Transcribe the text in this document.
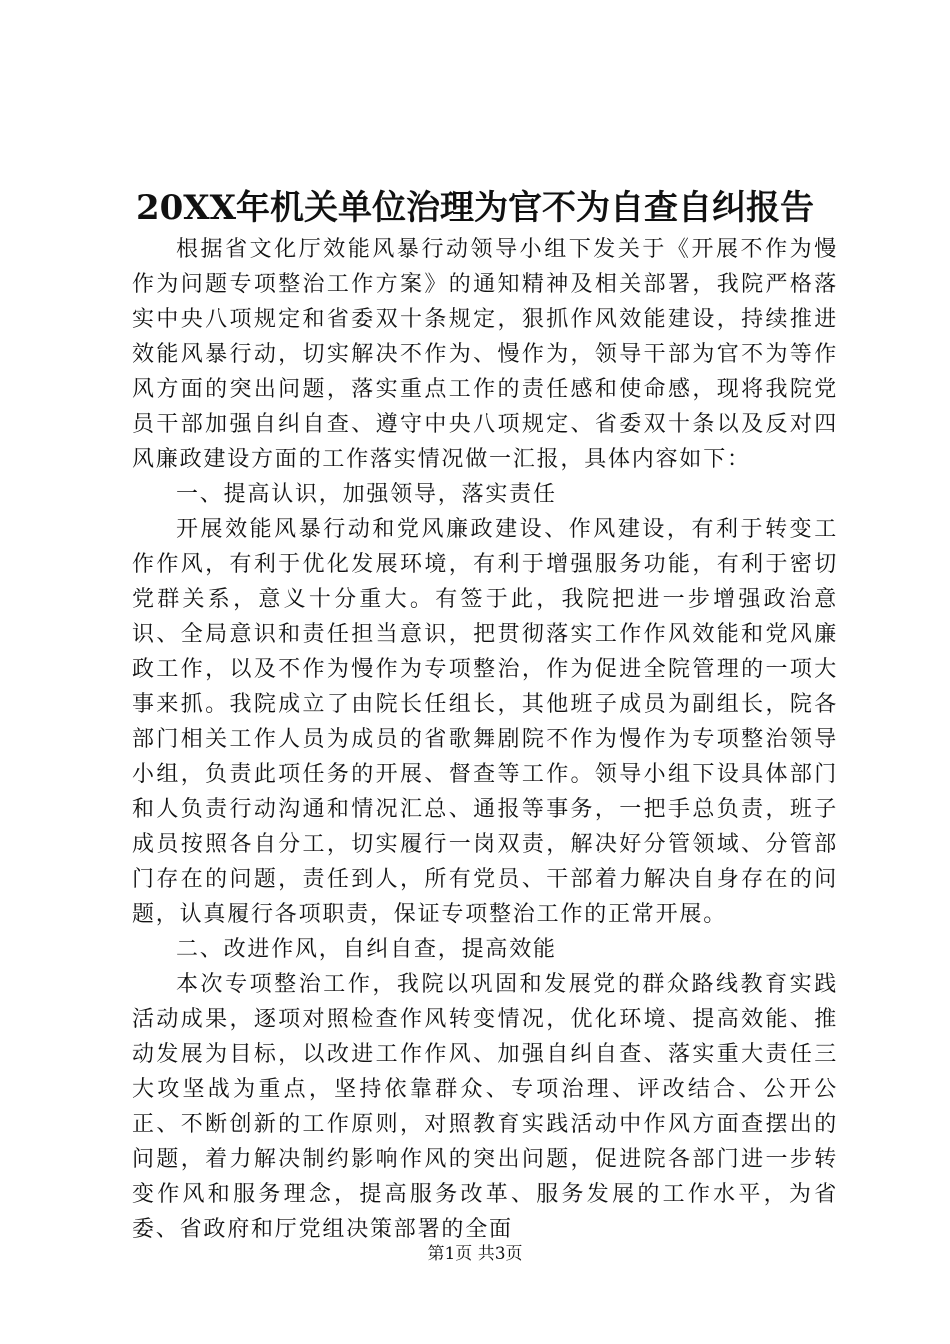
20XX年机关单位治理为官不为自查自纠报告

根据省文化厅效能风暴行动领导小组下发关于《开展不作为慢作为问题专项整治工作方案》的通知精神及相关部署，我院严格落实中央八项规定和省委双十条规定，狠抓作风效能建设，持续推进效能风暴行动，切实解决不作为、慢作为，领导干部为官不为等作风方面的突出问题，落实重点工作的责任感和使命感，现将我院党员干部加强自纠自查、遵守中央八项规定、省委双十条以及反对四风廉政建设方面的工作落实情况做一汇报，具体内容如下：

一、提高认识，加强领导，落实责任

开展效能风暴行动和党风廉政建设、作风建设，有利于转变工作作风，有利于优化发展环境，有利于增强服务功能，有利于密切党群关系，意义十分重大。有签于此，我院把进一步增强政治意识、全局意识和责任担当意识，把贯彻落实工作作风效能和党风廉政工作，以及不作为慢作为专项整治，作为促进全院管理的一项大事来抓。我院成立了由院长任组长，其他班子成员为副组长，院各部门相关工作人员为成员的省歌舞剧院不作为慢作为专项整治领导小组，负责此项任务的开展、督查等工作。领导小组下设具体部门和人负责行动沟通和情况汇总、通报等事务，一把手总负责，班子成员按照各自分工，切实履行一岗双责，解决好分管领域、分管部门存在的问题，责任到人，所有党员、干部着力解决自身存在的问题，认真履行各项职责，保证专项整治工作的正常开展。

二、改进作风，自纠自查，提高效能

本次专项整治工作，我院以巩固和发展党的群众路线教育实践活动成果，逐项对照检查作风转变情况，优化环境、提高效能、推动发展为目标，以改进工作作风、加强自纠自查、落实重大责任三大攻坚战为重点，坚持依靠群众、专项治理、评改结合、公开公正、不断创新的工作原则，对照教育实践活动中作风方面查摆出的问题，着力解决制约影响作风的突出问题，促进院各部门进一步转变作风和服务理念，提高服务改革、服务发展的工作水平，为省委、省政府和厅党组决策部署的全面

第1页 共3页
